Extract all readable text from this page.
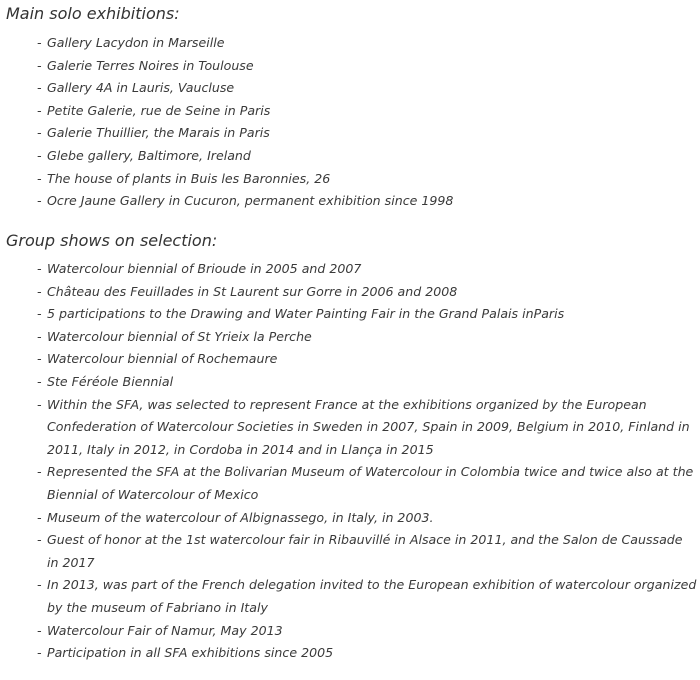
Main solo exhibitions:
- Gallery Lacydon in Marseille
- Galerie Terres Noires in Toulouse
- Gallery 4A in Lauris, Vaucluse
- Petite Galerie, rue de Seine in Paris
- Galerie Thuillier, the Marais in Paris
- Glebe gallery, Baltimore, Ireland
- The house of plants in Buis les Baronnies, 26
- Ocre Jaune Gallery in Cucuron, permanent exhibition since 1998
Group shows on selection:
- Watercolour biennial of Brioude in 2005 and 2007
- Château des Feuillades in St Laurent sur Gorre in 2006 and 2008
- 5 participations to the Drawing and Water Painting Fair in the Grand Palais inParis
- Watercolour biennial of St Yrieix la Perche
- Watercolour biennial of Rochemaure
- Ste Féréole Biennial
- Within the SFA, was selected to represent France at the exhibitions organized by the European Confederation of Watercolour Societies in Sweden in 2007, Spain in 2009, Belgium in 2010, Finland in 2011, Italy in 2012, in Cordoba in 2014 and in Llança in 2015
- Represented the SFA at the Bolivarian Museum of Watercolour in Colombia twice and twice also at the Biennial of Watercolour of Mexico
- Museum of the watercolour of Albignassego, in Italy, in 2003.
- Guest of honor at the 1st watercolour fair in Ribauvillé in Alsace in 2011, and the Salon de Caussade in 2017
- In 2013, was part of the French delegation invited to the European exhibition of watercolour organized by the museum of Fabriano in Italy
- Watercolour Fair of Namur, May 2013
- Participation in all SFA exhibitions since 2005
